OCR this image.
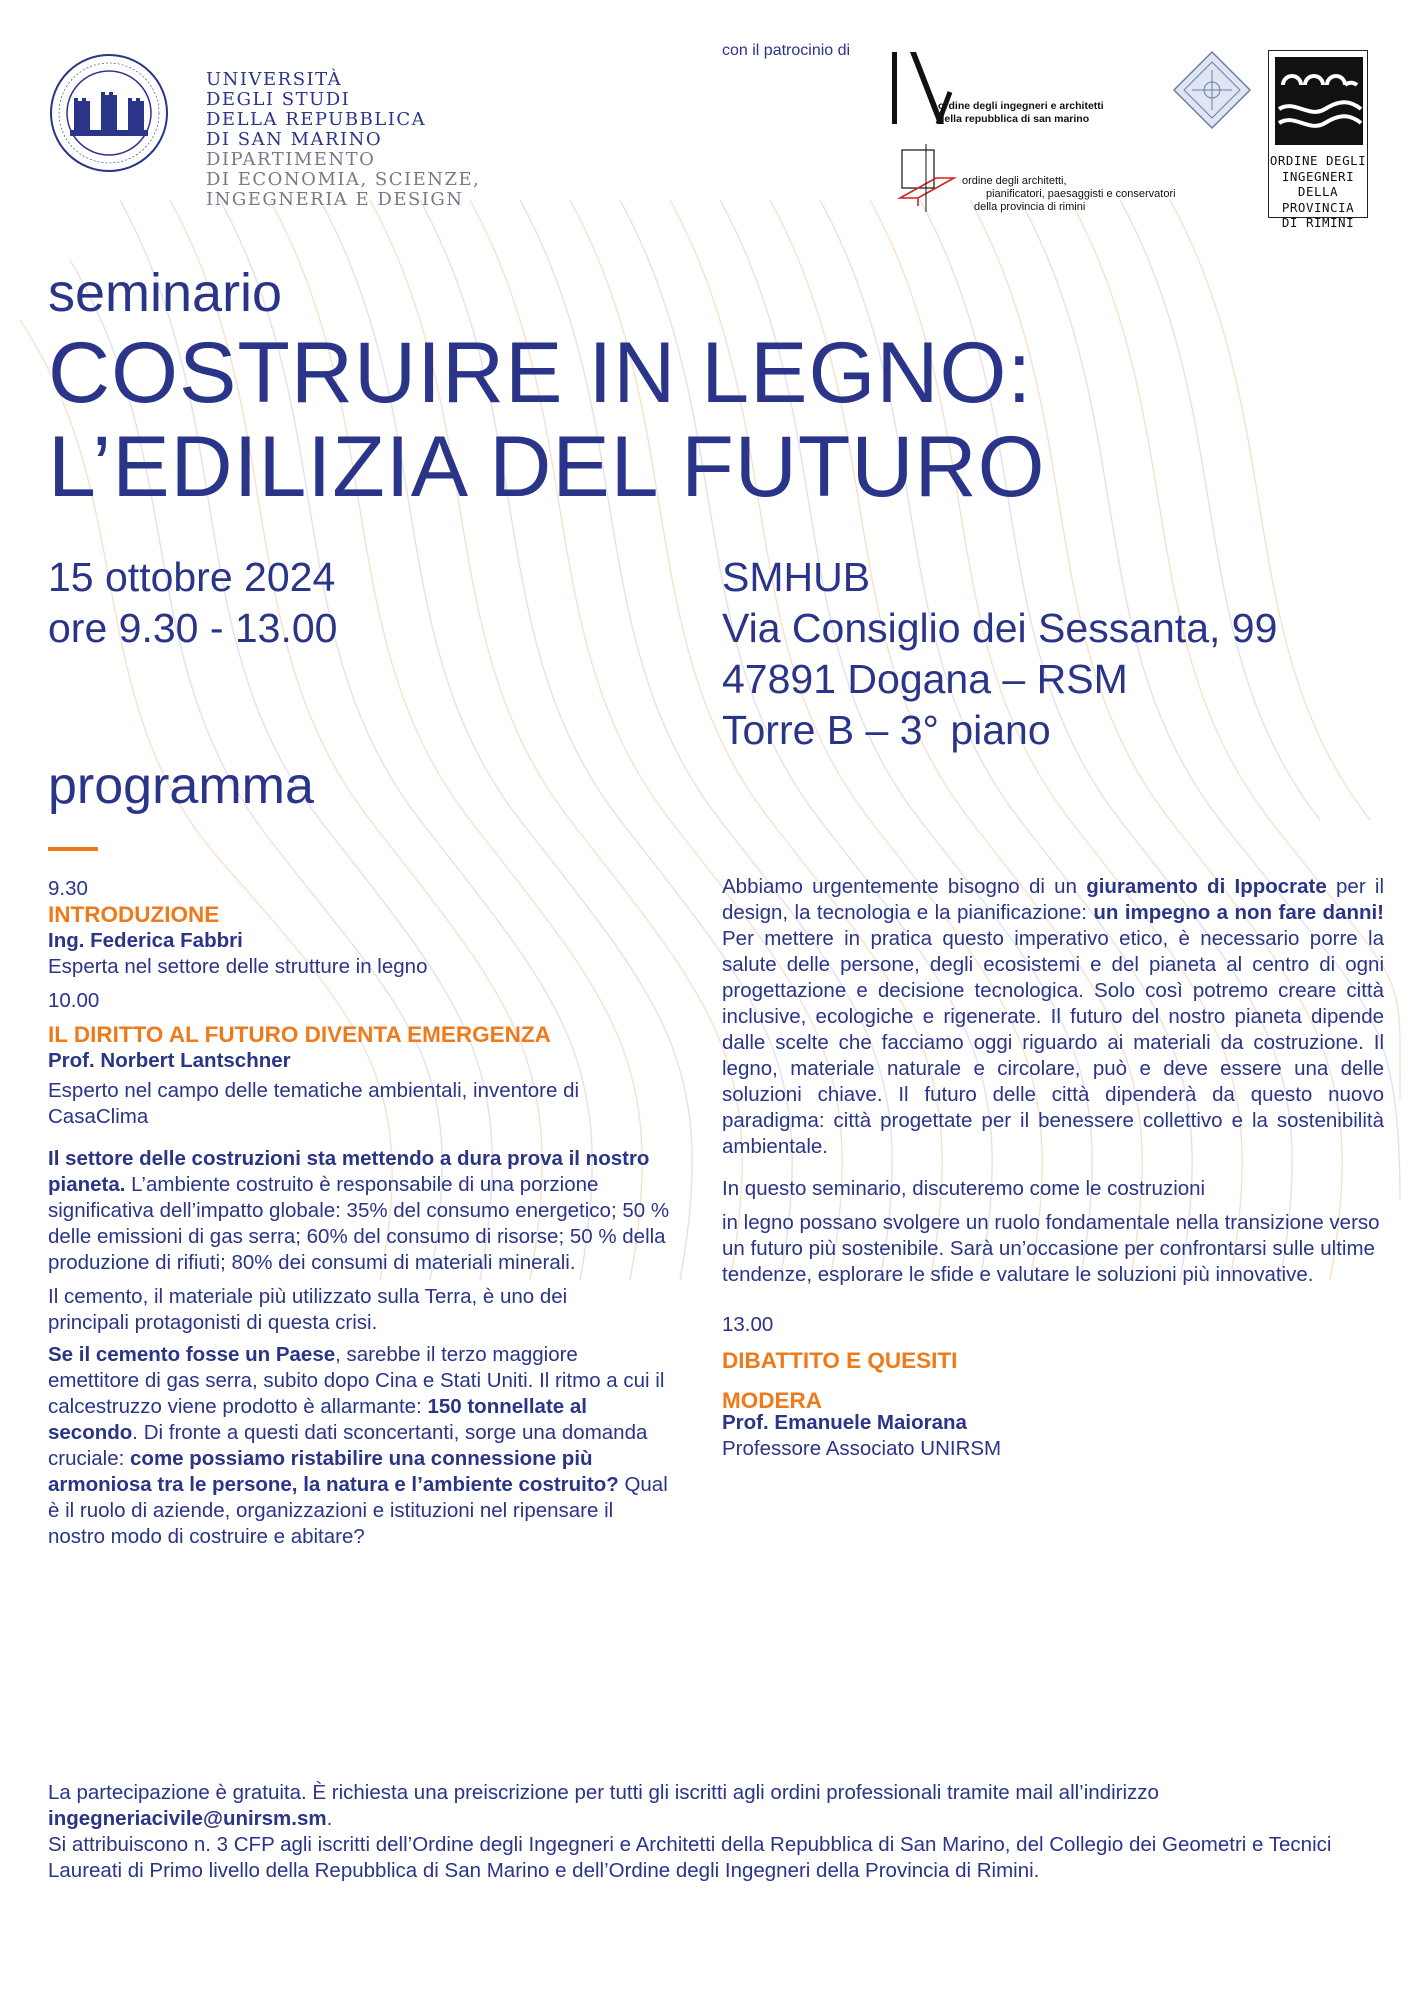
UNIVERSITÀ
DEGLI STUDI
DELLA REPUBBLICA
DI SAN MARINO
DIPARTIMENTO
DI ECONOMIA, SCIENZE,
INGEGNERIA E DESIGN
con il patrocinio di
ordine degli ingegneri e architetti
della repubblica di san marino
ordine degli architetti,
pianificatori, paesaggisti e conservatori
della provincia di rimini
ORDINE DEGLI
INGEGNERI
DELLA PROVINCIA
DI RIMINI
seminario
COSTRUIRE IN LEGNO:
L’EDILIZIA DEL FUTURO
15 ottobre 2024
ore 9.30 - 13.00
SMHUB
Via Consiglio dei Sessanta, 99
47891 Dogana – RSM
Torre B – 3° piano
programma
9.30
INTRODUZIONE
Ing. Federica Fabbri
Esperta nel settore delle strutture in legno
10.00
IL DIRITTO AL FUTURO DIVENTA EMERGENZA
Prof. Norbert Lantschner
Esperto nel campo delle tematiche ambientali, inventore di CasaClima

Il settore delle costruzioni sta mettendo a dura prova il nostro pianeta. L’ambiente costruito è responsabile di una porzione significativa dell’impatto globale: 35% del consumo energetico; 50 % delle emissioni di gas serra; 60% del consumo di risorse; 50 % della produzione di rifiuti; 80% dei consumi di materiali minerali.

Il cemento, il materiale più utilizzato sulla Terra, è uno dei principali protagonisti di questa crisi.

Se il cemento fosse un Paese, sarebbe il terzo maggiore emettitore di gas serra, subito dopo Cina e Stati Uniti. Il ritmo a cui il calcestruzzo viene prodotto è allarmante: 150 tonnellate al secondo. Di fronte a questi dati sconcertanti, sorge una domanda cruciale: come possiamo ristabilire una connessione più armoniosa tra le persone, la natura e l’ambiente costruito? Qual è il ruolo di aziende, organizzazioni e istituzioni nel ripensare il nostro modo di costruire e abitare?

Abbiamo urgentemente bisogno di un giuramento di Ippocrate per il design, la tecnologia e la pianificazione: un impegno a non fare danni! Per mettere in pratica questo imperativo etico, è necessario porre la salute delle persone, degli ecosistemi e del pianeta al centro di ogni progettazione e decisione tecnologica. Solo così potremo creare città inclusive, ecologiche e rigenerate. Il futuro del nostro pianeta dipende dalle scelte che facciamo oggi riguardo ai materiali da costruzione. Il legno, materiale naturale e circolare, può e deve essere una delle soluzioni chiave. Il futuro delle città dipenderà da questo nuovo paradigma: città progettate per il benessere collettivo e la sostenibilità ambientale.

In questo seminario, discuteremo come le costruzioni

in legno possano svolgere un ruolo fondamentale nella transizione verso un futuro più sostenibile. Sarà un’occasione per confrontarsi sulle ultime tendenze, esplorare le sfide e valutare le soluzioni più innovative.

13.00
DIBATTITO E QUESITI
MODERA
Prof. Emanuele Maiorana
Professore Associato UNIRSM

La partecipazione è gratuita. È richiesta una preiscrizione per tutti gli iscritti agli ordini professionali tramite mail all’indirizzo ingegneriacivile@unirsm.sm.

Si attribuiscono n. 3 CFP agli iscritti dell’Ordine degli Ingegneri e Architetti della Repubblica di San Marino, del Collegio dei Geometri e Tecnici Laureati di Primo livello della Repubblica di San Marino e dell’Ordine degli Ingegneri della Provincia di Rimini.
